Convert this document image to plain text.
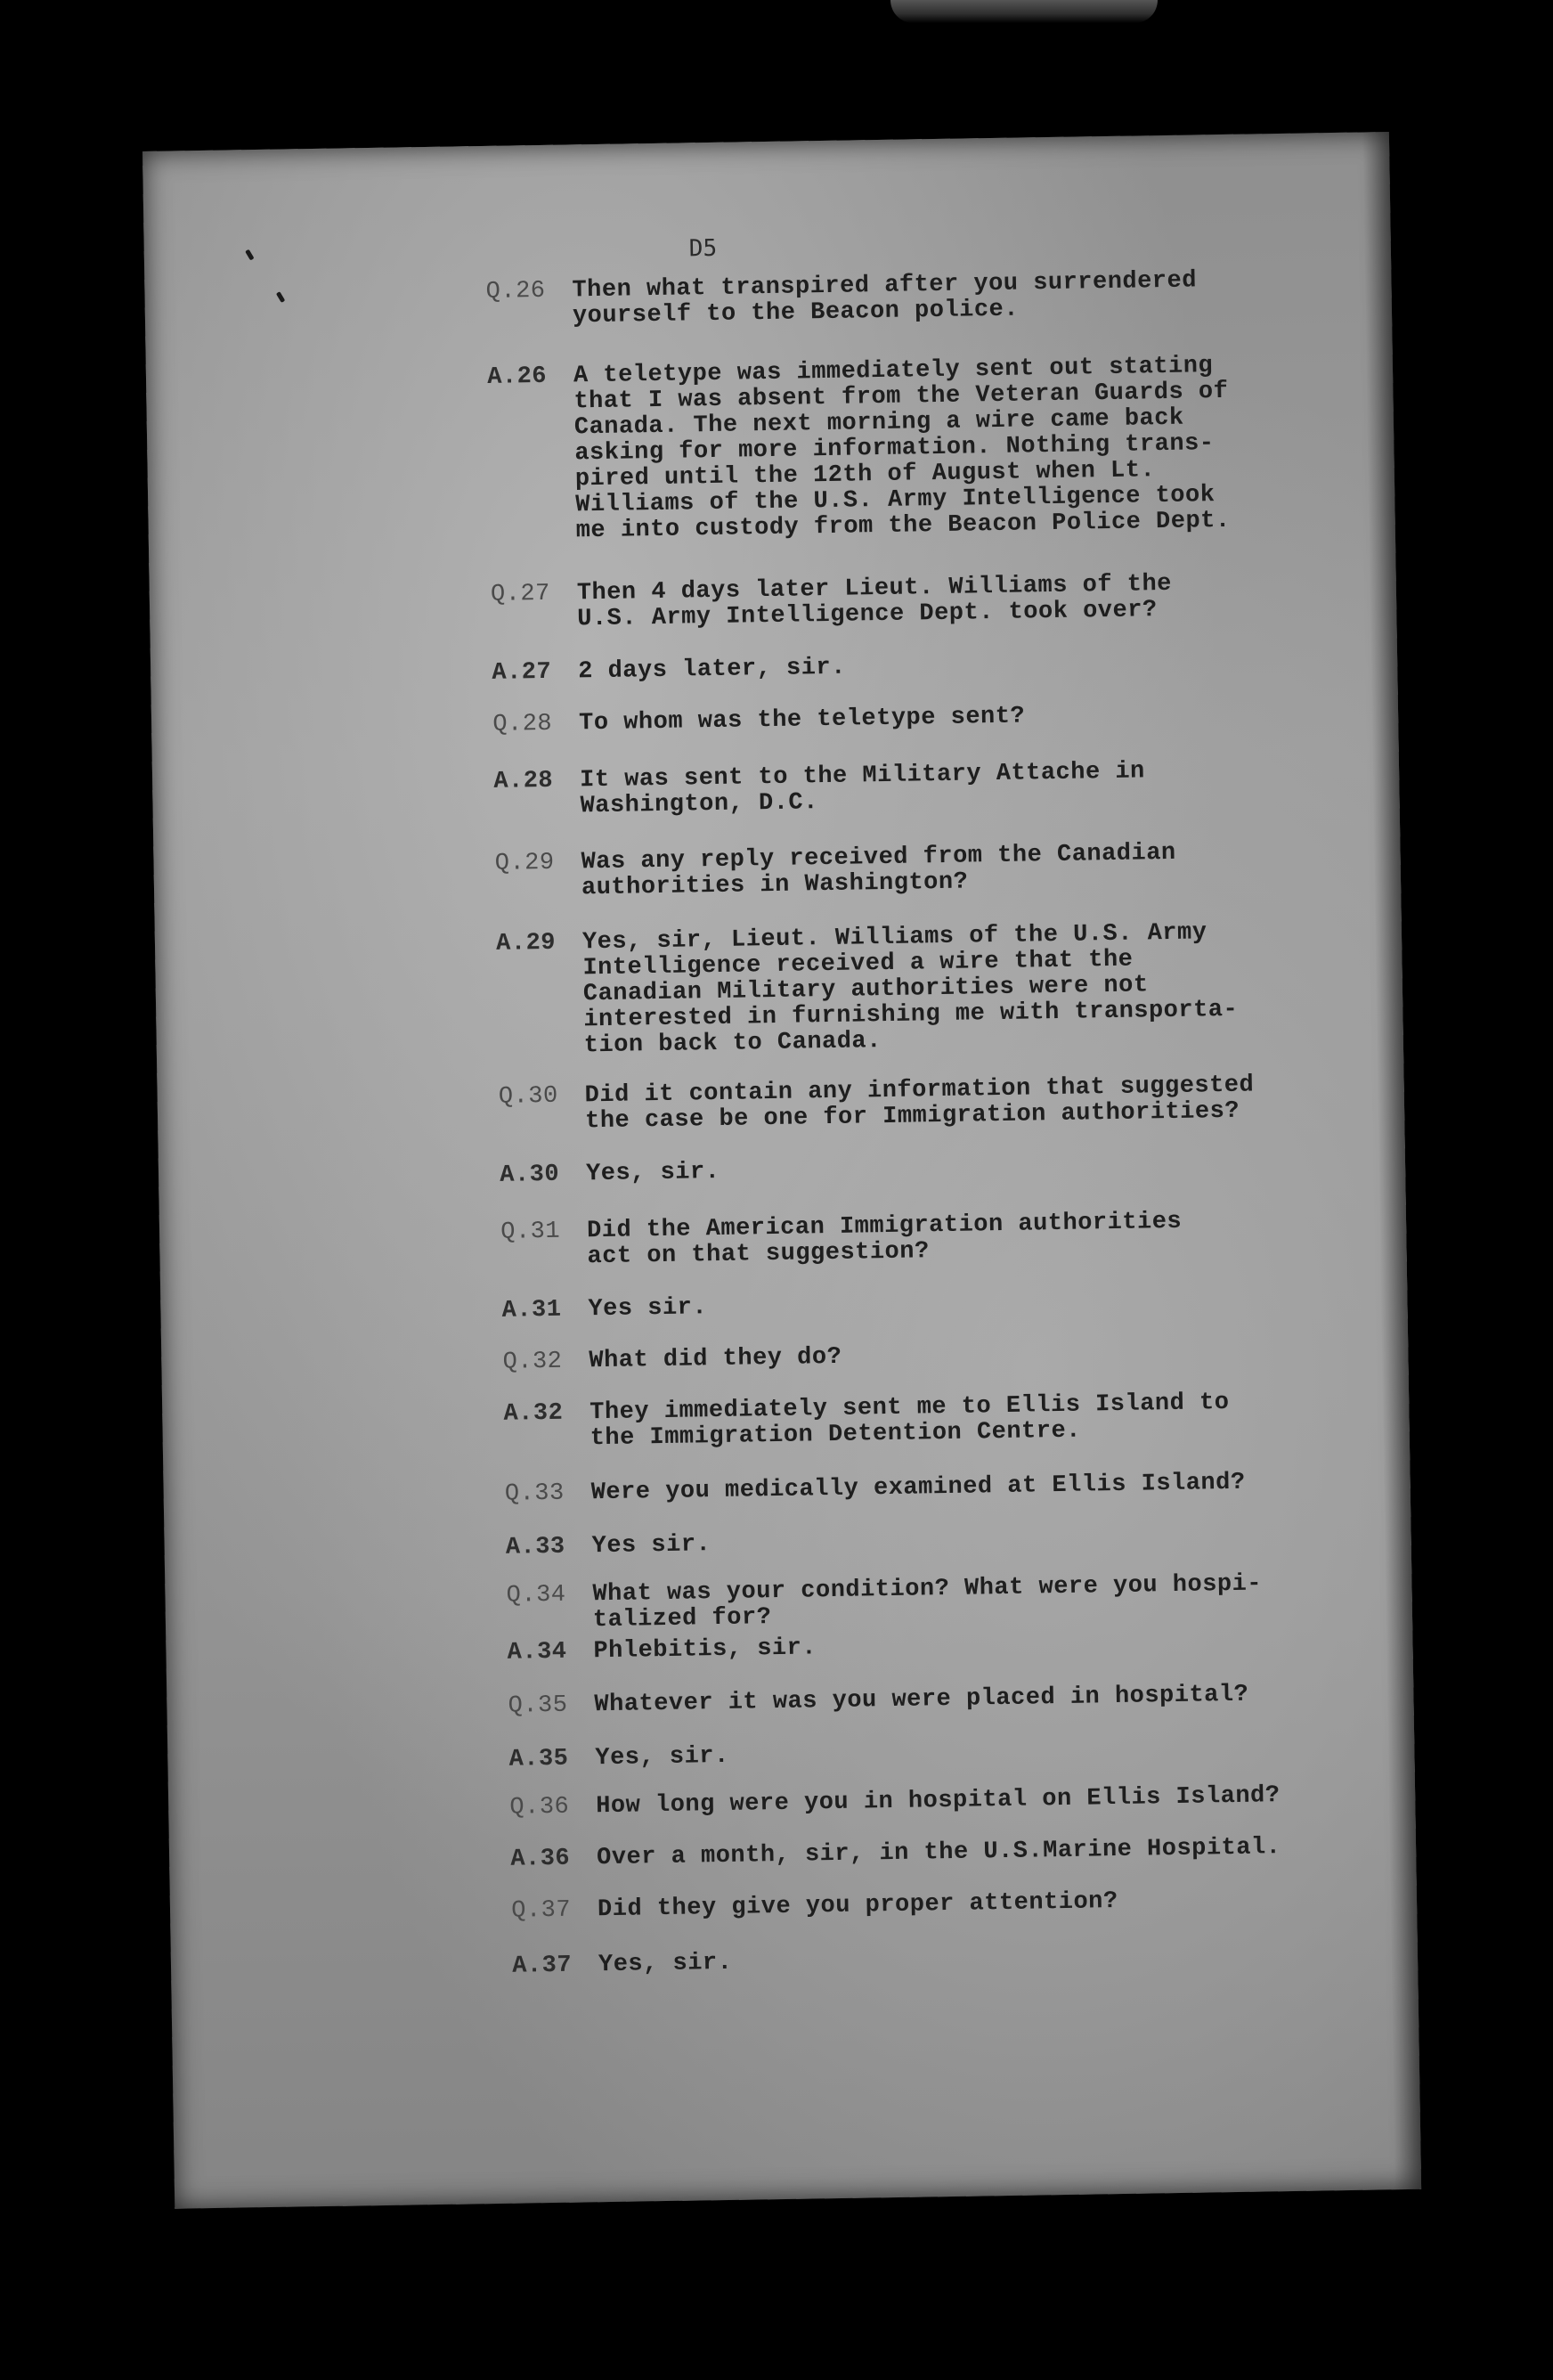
D5
Q.26 Then what transpired after you surrendered
yourself to the Beacon police.
A.26 A teletype was immediately sent out stating
that I was absent from the Veteran Guards of
Canada. The next morning a wire came back
asking for more information. Nothing trans-
pired until the 12th of August when Lt.
Williams of the U.S. Army Intelligence took
me into custody from the Beacon Police Dept.
Q.27 Then 4 days later Lieut. Williams of the
U.S. Army Intelligence Dept. took over?
A.27 2 days later, sir.
Q.28 To whom was the teletype sent?
A.28 It was sent to the Military Attache in
Washington, D.C.
Q.29 Was any reply received from the Canadian
authorities in Washington?
A.29 Yes, sir, Lieut. Williams of the U.S. Army
Intelligence received a wire that the
Canadian Military authorities were not
interested in furnishing me with transporta-
tion back to Canada.
Q.30 Did it contain any information that suggested
the case be one for Immigration authorities?
A.30 Yes, sir.
Q.31 Did the American Immigration authorities
act on that suggestion?
A.31 Yes sir.
Q.32 What did they do?
A.32 They immediately sent me to Ellis Island to
the Immigration Detention Centre.
Q.33 Were you medically examined at Ellis Island?
A.33 Yes sir.
Q.34 What was your condition? What were you hospi-
talized for?
A.34 Phlebitis, sir.
Q.35 Whatever it was you were placed in hospital?
A.35 Yes, sir.
Q.36 How long were you in hospital on Ellis Island?
A.36 Over a month, sir, in the U.S.Marine Hospital.
Q.37 Did they give you proper attention?
A.37 Yes, sir.
